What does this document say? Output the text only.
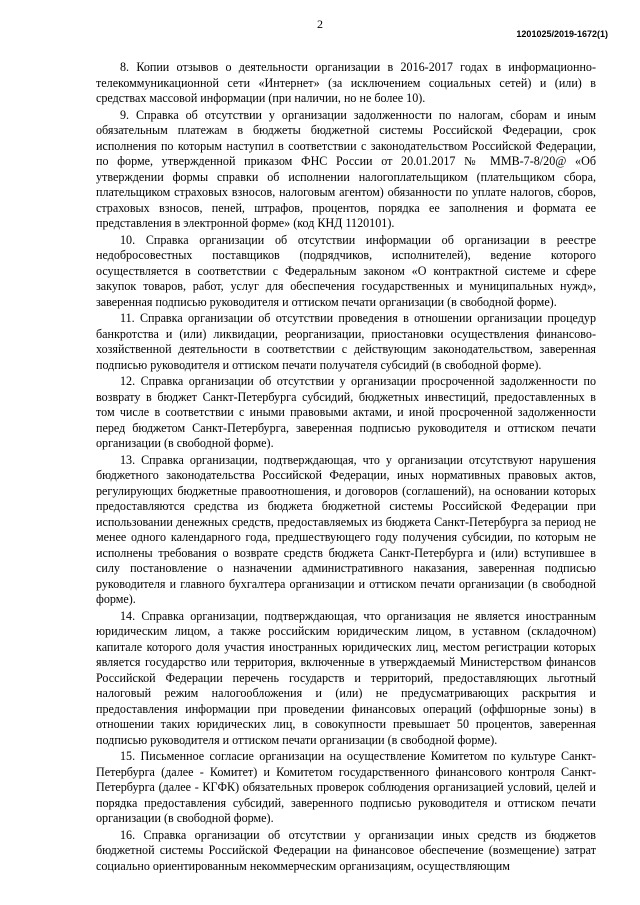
2
1201025/2019-1672(1)

8. Копии отзывов о деятельности организации в 2016-2017 годах в информационно-телекоммуникационной сети «Интернет» (за исключением социальных сетей) и (или) в средствах массовой информации (при наличии, но не более 10).

9. Справка об отсутствии у организации задолженности по налогам, сборам и иным обязательным платежам в бюджеты бюджетной системы Российской Федерации, срок исполнения по которым наступил в соответствии с законодательством Российской Федерации, по форме, утвержденной приказом ФНС России от 20.01.2017 № ММВ-7-8/20@ «Об утверждении формы справки об исполнении налогоплательщиком (плательщиком сбора, плательщиком страховых взносов, налоговым агентом) обязанности по уплате налогов, сборов, страховых взносов, пеней, штрафов, процентов, порядка ее заполнения и формата ее представления в электронной форме» (код КНД 1120101).

10. Справка организации об отсутствии информации об организации в реестре недобросовестных поставщиков (подрядчиков, исполнителей), ведение которого осуществляется в соответствии с Федеральным законом «О контрактной системе и сфере закупок товаров, работ, услуг для обеспечения государственных и муниципальных нужд», заверенная подписью руководителя и оттиском печати организации (в свободной форме).

11. Справка организации об отсутствии проведения в отношении организации процедур банкротства и (или) ликвидации, реорганизации, приостановки осуществления финансово-хозяйственной деятельности в соответствии с действующим законодательством, заверенная подписью руководителя и оттиском печати получателя субсидий (в свободной форме).

12. Справка организации об отсутствии у организации просроченной задолженности по возврату в бюджет Санкт-Петербурга субсидий, бюджетных инвестиций, предоставленных в том числе в соответствии с иными правовыми актами, и иной просроченной задолженности перед бюджетом Санкт-Петербурга, заверенная подписью руководителя и оттиском печати организации (в свободной форме).

13. Справка организации, подтверждающая, что у организации отсутствуют нарушения бюджетного законодательства Российской Федерации, иных нормативных правовых актов, регулирующих бюджетные правоотношения, и договоров (соглашений), на основании которых предоставляются средства из бюджета бюджетной системы Российской Федерации при использовании денежных средств, предоставляемых из бюджета Санкт-Петербурга за период не менее одного календарного года, предшествующего году получения субсидии, по которым не исполнены требования о возврате средств бюджета Санкт-Петербурга и (или) вступившее в силу постановление о назначении административного наказания, заверенная подписью руководителя и главного бухгалтера организации и оттиском печати организации (в свободной форме).

14. Справка организации, подтверждающая, что организация не является иностранным юридическим лицом, а также российским юридическим лицом, в уставном (складочном) капитале которого доля участия иностранных юридических лиц, местом регистрации которых является государство или территория, включенные в утверждаемый Министерством финансов Российской Федерации перечень государств и территорий, предоставляющих льготный налоговый режим налогообложения и (или) не предусматривающих раскрытия и предоставления информации при проведении финансовых операций (оффшорные зоны) в отношении таких юридических лиц, в совокупности превышает 50 процентов, заверенная подписью руководителя и оттиском печати организации (в свободной форме).

15. Письменное согласие организации на осуществление Комитетом по культуре Санкт-Петербурга (далее - Комитет) и Комитетом государственного финансового контроля Санкт-Петербурга (далее - КГФК) обязательных проверок соблюдения организацией условий, целей и порядка предоставления субсидий, заверенного подписью руководителя и оттиском печати организации (в свободной форме).

16. Справка организации об отсутствии у организации иных средств из бюджетов бюджетной системы Российской Федерации на финансовое обеспечение (возмещение) затрат социально ориентированным некоммерческим организациям, осуществляющим
